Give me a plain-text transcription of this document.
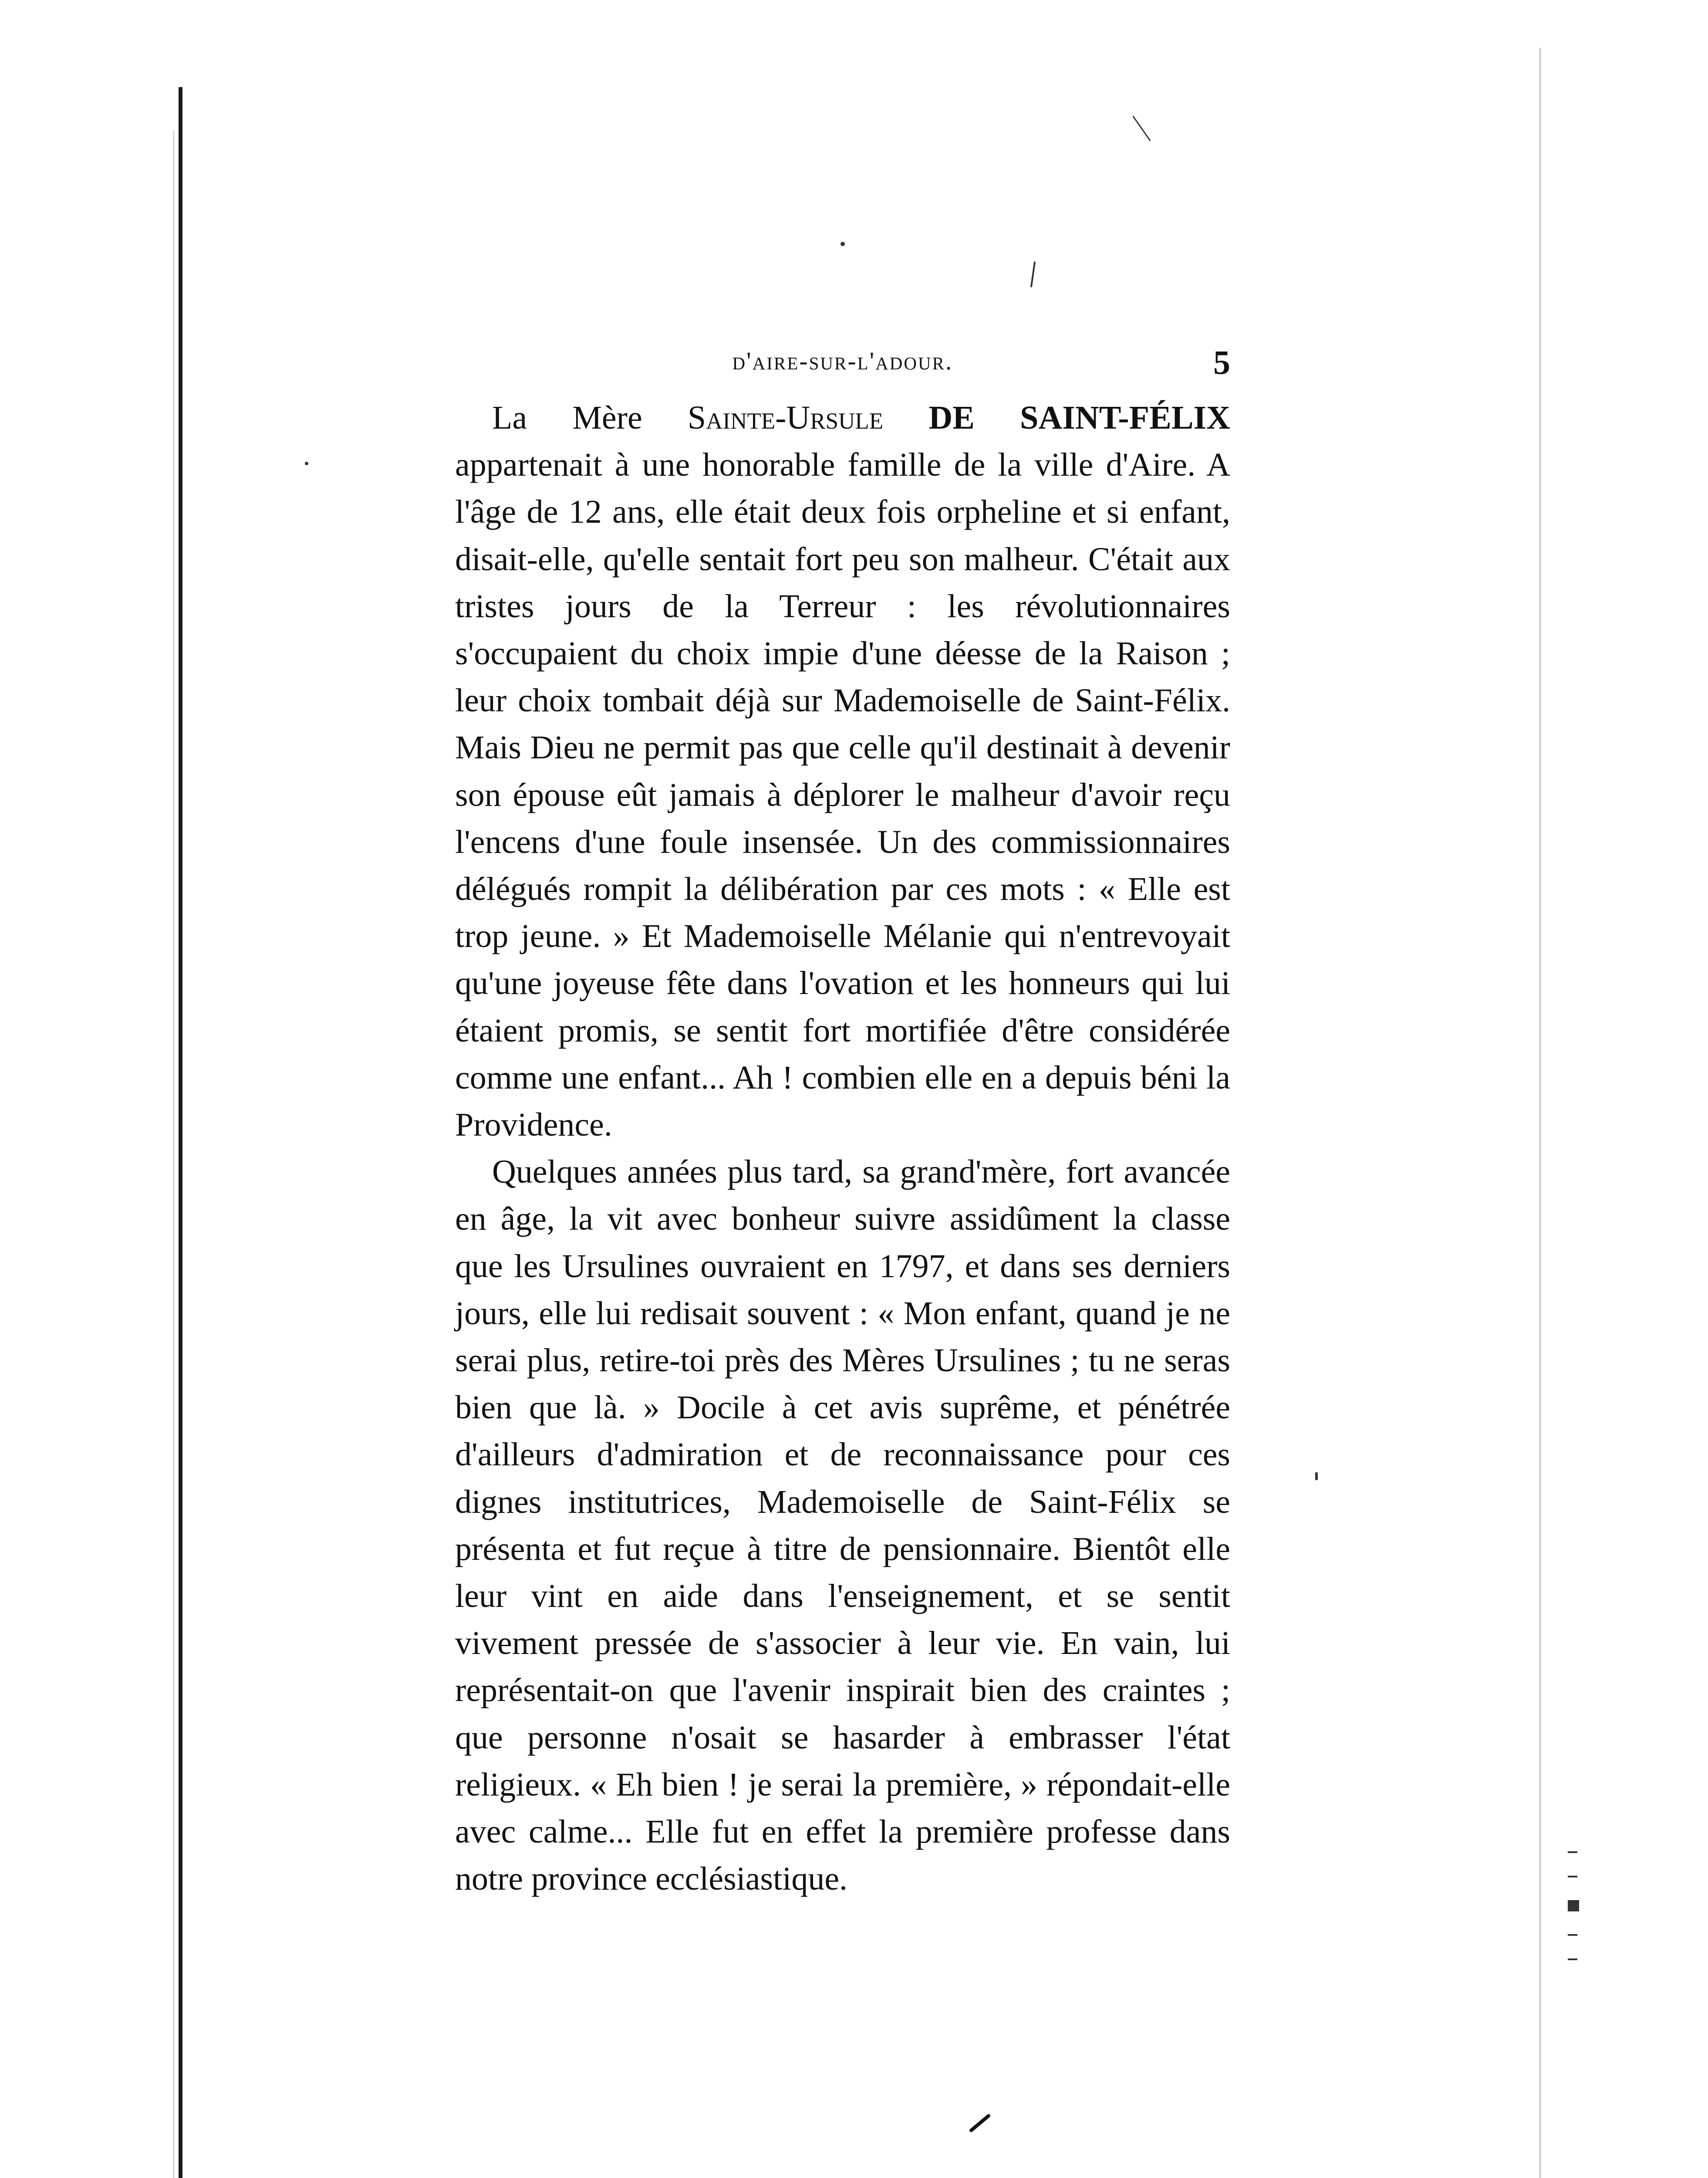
d'aire-sur-l'adour.	5

La Mère Sainte-Ursule DE SAINT-FÉLIX appartenait à une honorable famille de la ville d'Aire. A l'âge de 12 ans, elle était deux fois orpheline et si enfant, disait-elle, qu'elle sentait fort peu son malheur. C'était aux tristes jours de la Terreur : les révolutionnaires s'occupaient du choix impie d'une déesse de la Raison ; leur choix tombait déjà sur Mademoiselle de Saint-Félix. Mais Dieu ne permit pas que celle qu'il destinait à devenir son épouse eût jamais à déplorer le malheur d'avoir reçu l'encens d'une foule insensée. Un des commissionnaires délégués rompit la délibération par ces mots : « Elle est trop jeune. » Et Mademoiselle Mélanie qui n'entrevoyait qu'une joyeuse fête dans l'ovation et les honneurs qui lui étaient promis, se sentit fort mortifiée d'être considérée comme une enfant... Ah ! combien elle en a depuis béni la Providence.

Quelques années plus tard, sa grand'mère, fort avancée en âge, la vit avec bonheur suivre assidûment la classe que les Ursulines ouvraient en 1797, et dans ses derniers jours, elle lui redisait souvent : « Mon enfant, quand je ne serai plus, retire-toi près des Mères Ursulines ; tu ne seras bien que là. » Docile à cet avis suprême, et pénétrée d'ailleurs d'admiration et de reconnaissance pour ces dignes institutrices, Mademoiselle de Saint-Félix se présenta et fut reçue à titre de pensionnaire. Bientôt elle leur vint en aide dans l'enseignement, et se sentit vivement pressée de s'associer à leur vie. En vain, lui représentait-on que l'avenir inspirait bien des craintes ; que personne n'osait se hasarder à embrasser l'état religieux. « Eh bien ! je serai la première, » répondait-elle avec calme... Elle fut en effet la première professe dans notre province ecclésiastique.
